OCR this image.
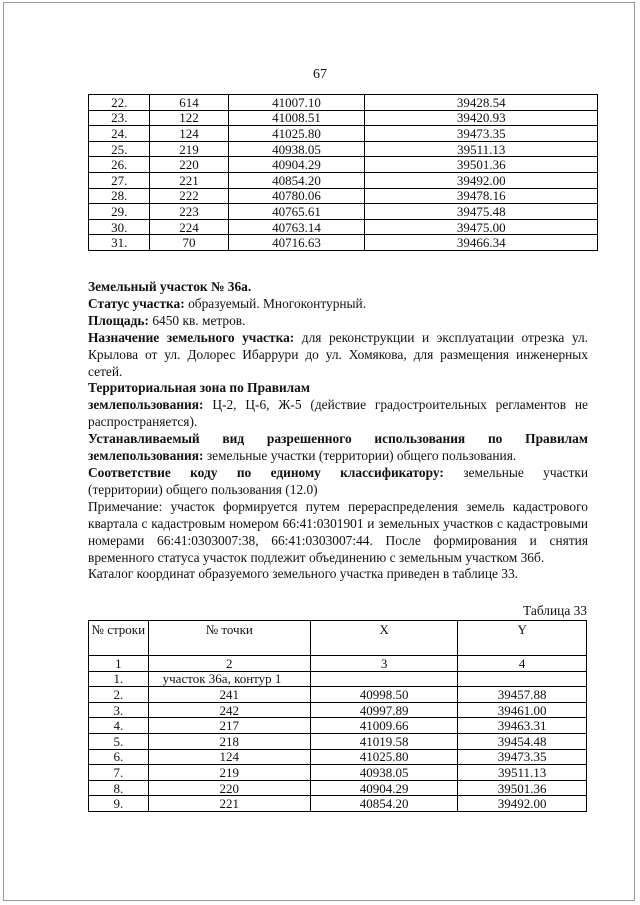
67
22.	614	41007.10	39428.54
23.	122	41008.51	39420.93
24.	124	41025.80	39473.35
25.	219	40938.05	39511.13
26.	220	40904.29	39501.36
27.	221	40854.20	39492.00
28.	222	40780.06	39478.16
29.	223	40765.61	39475.48
30.	224	40763.14	39475.00
31.	70	40716.63	39466.34

Земельный участок № 36а.

Статус участка: образуемый. Многоконтурный.

Площадь: 6450 кв. метров.

Назначение земельного участка: для реконструкции и эксплуатации отрезка ул. Крылова от ул. Долорес Ибаррури до ул. Хомякова, для размещения инженерных сетей.

Территориальная зона по Правилам

землепользования: Ц-2, Ц-6, Ж-5 (действие градостроительных регламентов не распространяется).

Устанавливаемый вид разрешенного использования по Правилам

землепользования: земельные участки (территории) общего пользования.

Соответствие коду по единому классификатору: земельные участки

(территории) общего пользования (12.0)

Примечание: участок формируется путем перераспределения земель кадастрового квартала с кадастровым номером 66:41:0301901 и земельных участков с кадастровыми номерами 66:41:0303007:38, 66:41:0303007:44. После формирования и снятия временного статуса участок подлежит объединению с земельным участком 36б.

Каталог координат образуемого земельного участка приведен в таблице 33.

Таблица 33
№ строки	№ точки	X	Y
1	2	3	4
1.	участок 36а, контур 1		
2.	241	40998.50	39457.88
3.	242	40997.89	39461.00
4.	217	41009.66	39463.31
5.	218	41019.58	39454.48
6.	124	41025.80	39473.35
7.	219	40938.05	39511.13
8.	220	40904.29	39501.36
9.	221	40854.20	39492.00
